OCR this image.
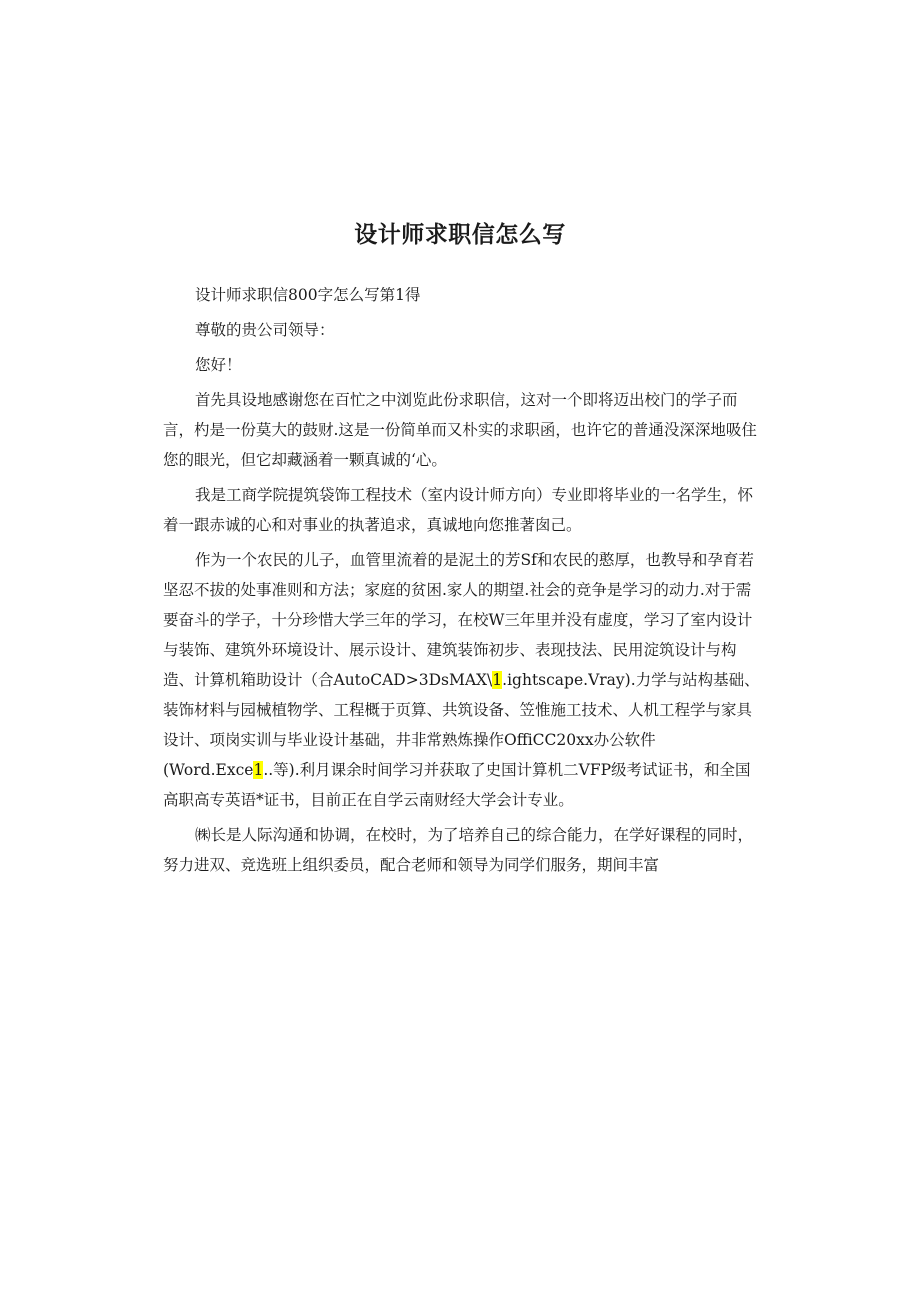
设计师求职信怎么写

设计师求职信800字怎么写第1得

尊敬的贵公司领导：

您好！

首先具设地感谢您在百忙之中浏览此份求职信，这对一个即将迈出校门的学子而言，杓是一份莫大的鼓财.这是一份简单而又朴实的求职函，也许它的普通没深深地吸住您的眼光，但它却藏涵着一颗真诚的‘心。

我是工商学院提筑袋饰工程技术（室内设计师方向）专业即将毕业的一名学生，怀着一跟赤诚的心和对事业的执著追求，真诚地向您推著囱己。

作为一个农民的儿子，血管里流着的是泥土的芳Sf和农民的憨厚，也教导和孕育若坚忍不拔的处事准则和方法；家庭的贫困.家人的期望.社会的竞争是学习的动力.对于需要奋斗的学子，十分珍惜大学三年的学习，在校W三年里并没有虚度，学习了室内设计与装饰、建筑外环境设计、展示设计、建筑装饰初步、表现技法、民用淀筑设计与构造、计算机箱助设计（合AutoCAD>3DsMAX\1.ightscape.Vray).力学与站构基础、装饰材料与园械植物学、工程概于页算、共筑设备、笠惟施工技术、人机工程学与家具设计、项岗实训与毕业设计基础，井非常熟炼操作OffiCC20xx办公软件(Word.Exce1..等).利月课余时间学习并获取了史国计算机二VFP级考试证书，和全国高职高专英语*证书，目前正在自学云南财经大学会计专业。

㈱长是人际沟通和协调，在校时，为了培养自己的综合能力，在学好课程的同时，努力进双、竞选班上组织委员，配合老师和领导为同学们服务，期间丰富
